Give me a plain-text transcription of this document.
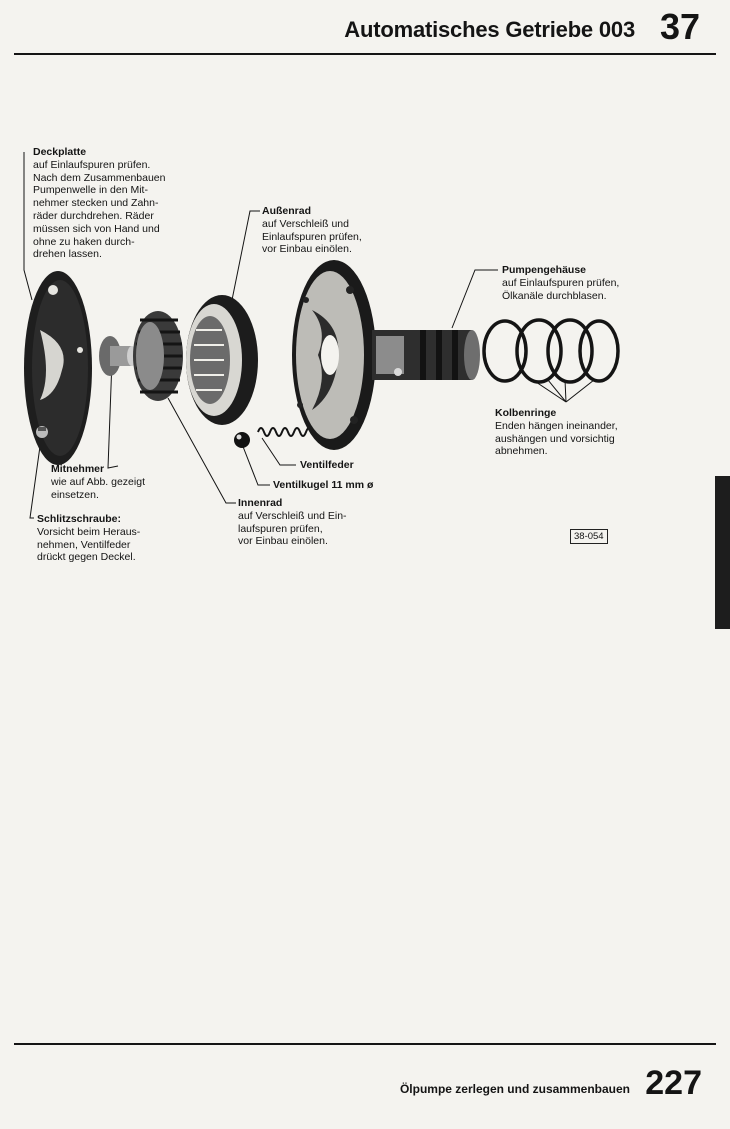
Automatisches Getriebe 003 37
Deckplatte
auf Einlaufspuren prüfen.
Nach dem Zusammenbauen
Pumpenwelle in den Mit-
nehmer stecken und Zahn-
räder durchdrehen. Räder
müssen sich von Hand und
ohne zu haken durch-
drehen lassen.
Außenrad
auf Verschleiß und
Einlaufspuren prüfen,
vor Einbau einölen.
Pumpengehäuse
auf Einlaufspuren prüfen,
Ölkanäle durchblasen.
Kolbenringe
Enden hängen ineinander,
aushängen und vorsichtig
abnehmen.
Ventilfeder
Ventilkugel 11 mm ø
Mitnehmer
wie auf Abb. gezeigt
einsetzen.
Innenrad
auf Verschleiß und Ein-
laufspuren prüfen,
vor Einbau einölen.
Schlitzschraube:
Vorsicht beim Heraus-
nehmen, Ventilfeder
drückt gegen Deckel.
38-054
Ölpumpe zerlegen und zusammenbauen 227
